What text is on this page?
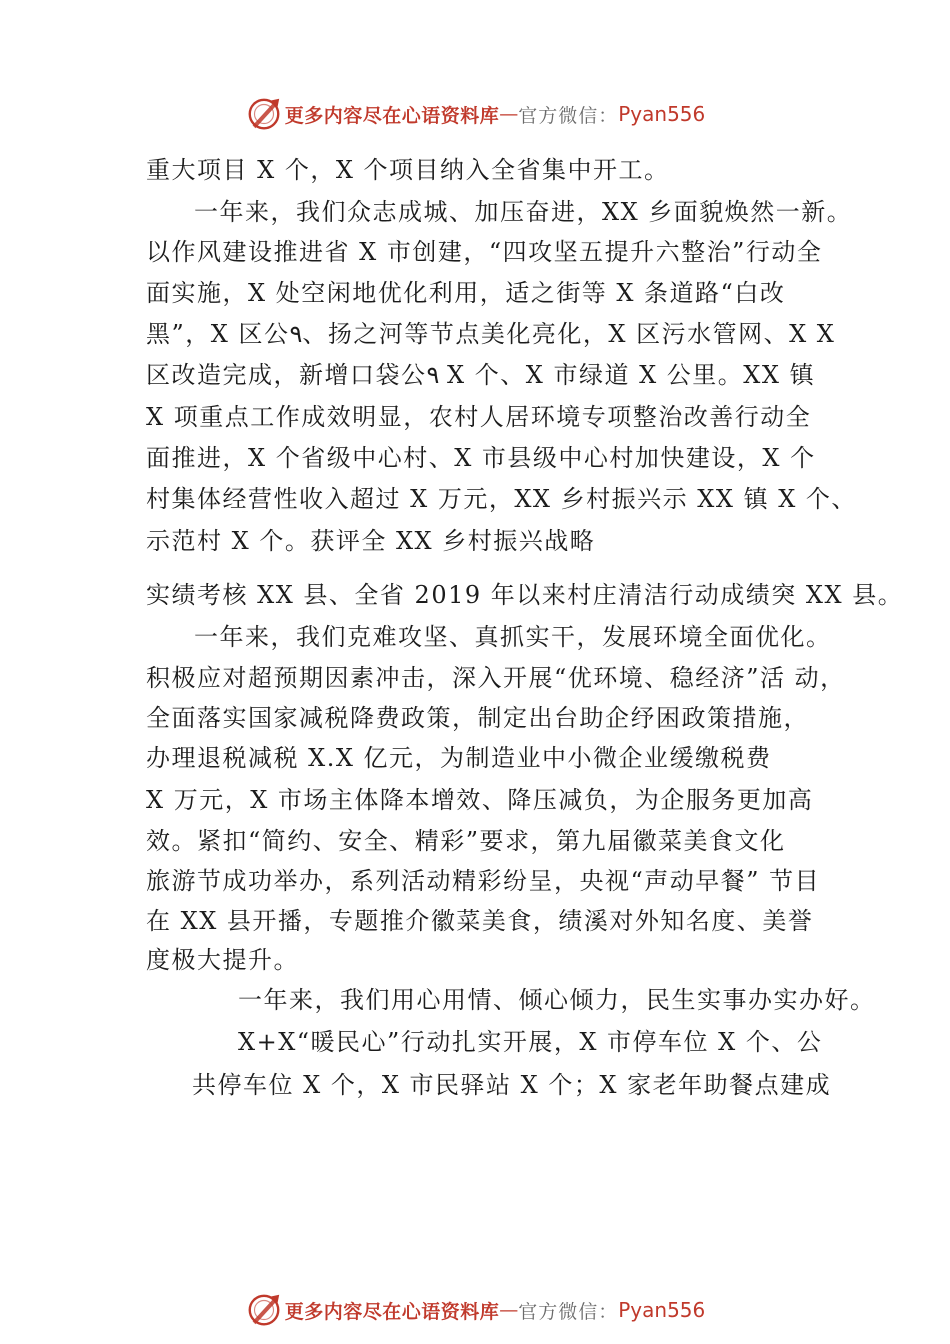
更多内容尽在心语资料库 — 官方微信： Pyan556
重大项目 X 个，X 个项目纳入全省集中开工。
一年来，我们众志成城、加压奋进，XX 乡面貌焕然一新。
以作风建设推进省 X 市创建，“四攻坚五提升六整治”行动全
面实施，X 处空闲地优化利用，适之街等 X 条道路“白改
黑”，X 区公٩、扬之河等节点美化亮化，X 区污水管网、X X
区改造完成，新增口袋公٩ X 个、X 市绿道 X 公里。XX 镇
X 项重点工作成效明显，农村人居环境专项整治改善行动全
面推进，X 个省级中心村、X 市县级中心村加快建设，X 个
村集体经营性收入超过 X 万元，XX 乡村振兴示 XX 镇 X 个、
示范村 X 个。获评全 XX 乡村振兴战略
实绩考核 XX 县、全省 2019 年以来村庄清洁行动成绩突 XX 县。
一年来，我们克难攻坚、真抓实干，发展环境全面优化。
积极应对超预期因素冲击，深入开展“优环境、稳经济”活 动，
全面落实国家减税降费政策，制定出台助企纾困政策措施，
办理退税减税 X.X 亿元，为制造业中小微企业缓缴税费
X 万元，X 市场主体降本增效、降压减负，为企服务更加高
效。紧扣“简约、安全、精彩”要求，第九届徽菜美食文化
旅游节成功举办，系列活动精彩纷呈，央视“声动早餐” 节目
在 XX 县开播，专题推介徽菜美食，绩溪对外知名度、美誉
度极大提升。
一年来，我们用心用情、倾心倾力，民生实事办实办好。
X+X“暖民心”行动扎实开展，X 市停车位 X 个、公
共停车位 X 个，X 市民驿站 X 个；X 家老年助餐点建成
更多内容尽在心语资料库 — 官方微信： Pyan556
